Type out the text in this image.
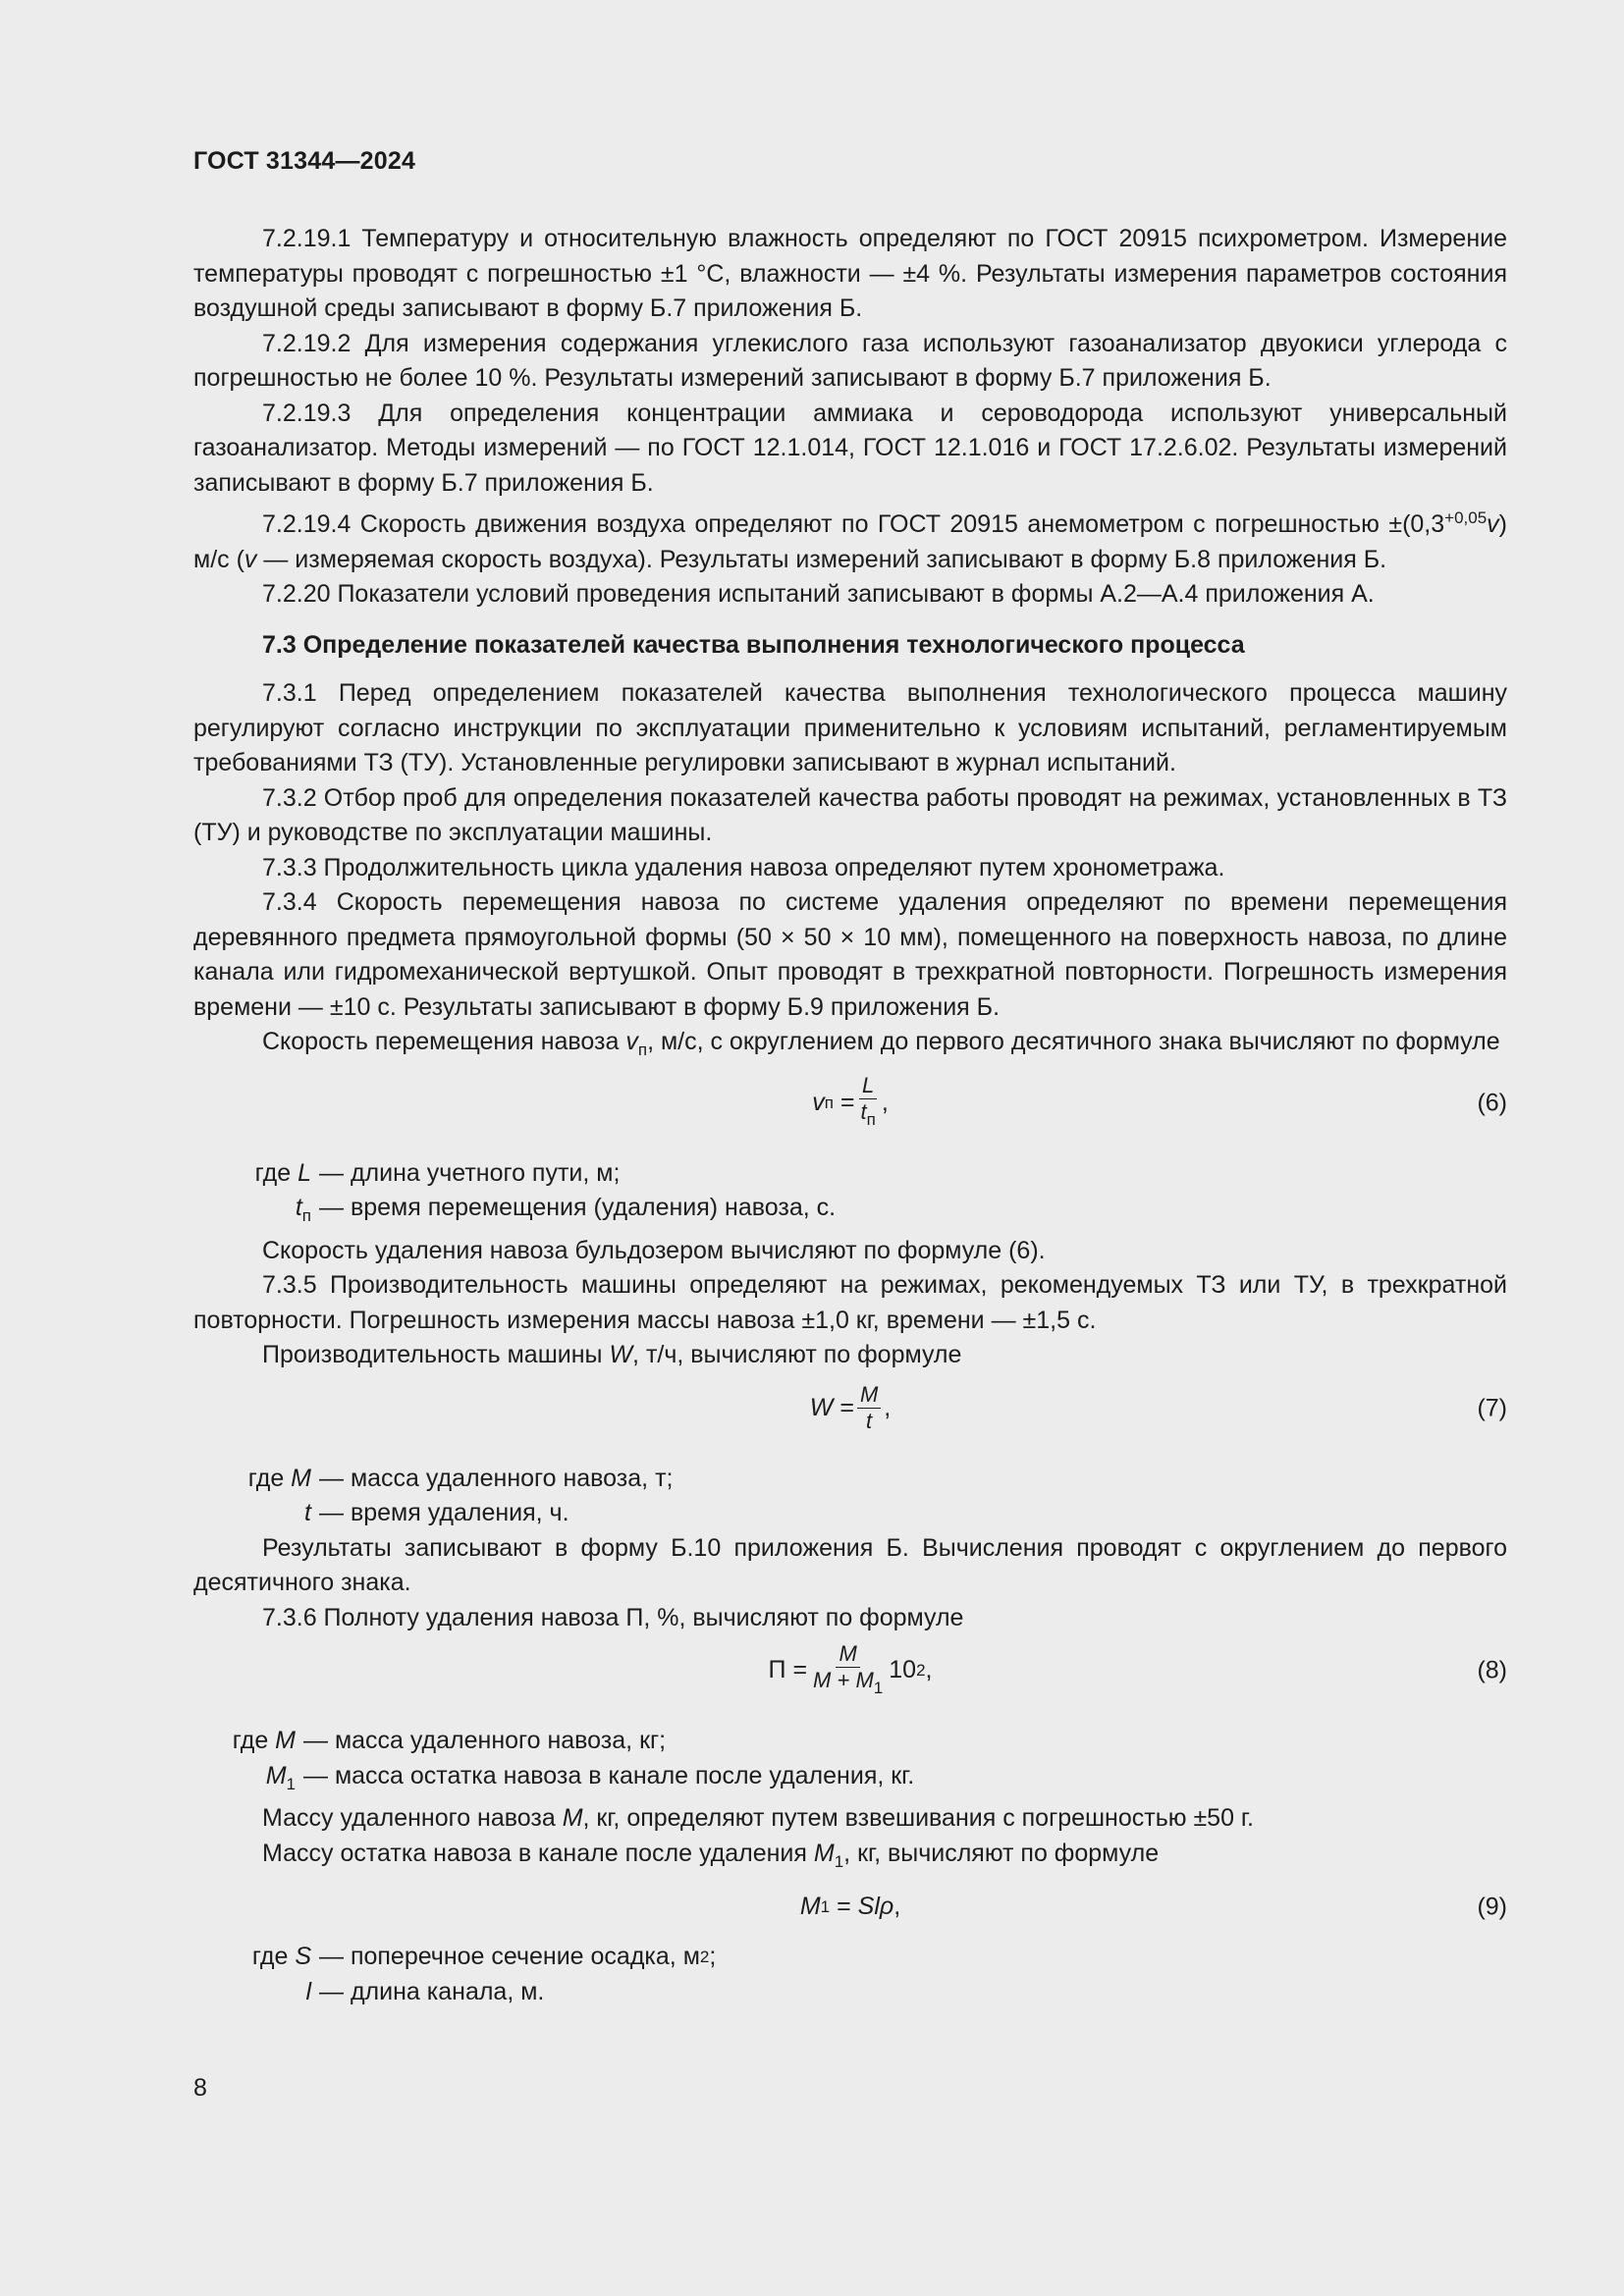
ГОСТ 31344—2024

7.2.19.1 Температуру и относительную влажность определяют по ГОСТ 20915 психрометром. Измерение температуры проводят с погрешностью ±1 °С, влажности — ±4 %. Результаты измерения параметров состояния воздушной среды записывают в форму Б.7 приложения Б.

7.2.19.2 Для измерения содержания углекислого газа используют газоанализатор двуокиси углерода с погрешностью не более 10 %. Результаты измерений записывают в форму Б.7 приложения Б.

7.2.19.3 Для определения концентрации аммиака и сероводорода используют универсальный газоанализатор. Методы измерений — по ГОСТ 12.1.014, ГОСТ 12.1.016 и ГОСТ 17.2.6.02. Результаты измерений записывают в форму Б.7 приложения Б.

7.2.19.4 Скорость движения воздуха определяют по ГОСТ 20915 анемометром с погрешностью $\pm(0,3^{+0,05}v)$ м/с (v — измеряемая скорость воздуха). Результаты измерений записывают в форму Б.8 приложения Б.

7.2.20 Показатели условий проведения испытаний записывают в формы А.2—А.4 приложения А.

7.3 Определение показателей качества выполнения технологического процесса

7.3.1 Перед определением показателей качества выполнения технологического процесса машину регулируют согласно инструкции по эксплуатации применительно к условиям испытаний, регламентируемым требованиями ТЗ (ТУ). Установленные регулировки записывают в журнал испытаний.

7.3.2 Отбор проб для определения показателей качества работы проводят на режимах, установленных в ТЗ (ТУ) и руководстве по эксплуатации машины.

7.3.3 Продолжительность цикла удаления навоза определяют путем хронометража.

7.3.4 Скорость перемещения навоза по системе удаления определяют по времени перемещения деревянного предмета прямоугольной формы (50 × 50 × 10 мм), помещенного на поверхность навоза, по длине канала или гидромеханической вертушкой. Опыт проводят в трехкратной повторности. Погрешность измерения времени — ±10 с. Результаты записывают в форму Б.9 приложения Б.

Скорость перемещения навоза $v_п$, м/с, с округлением до первого десятичного знака вычисляют по формуле

v п
= $\frac{L}{t_п}$ ,	(6)
где L — длина учетного пути, м;
$t_п$ — время перемещения (удаления) навоза, с.

Скорость удаления навоза бульдозером вычисляют по формуле (6).

7.3.5 Производительность машины определяют на режимах, рекомендуемых ТЗ или ТУ, в трехкратной повторности. Погрешность измерения массы навоза ±1,0 кг, времени — ±1,5 с.

Производительность машины W, т/ч, вычисляют по формуле

W
= $\frac{M}{t}$ ,	(7)
где M — масса удаленного навоза, т;
t — время удаления, ч.

Результаты записывают в форму Б.10 приложения Б. Вычисления проводят с округлением до первого десятичного знака.

7.3.6 Полноту удаления навоза П, %, вычисляют по формуле

П
= $\frac{M}{M + M_1} 10$ 2 ,	(8)
где M — масса удаленного навоза, кг;
$M_1$ — масса остатка навоза в канале после удаления, кг.

Массу удаленного навоза M, кг, определяют путем взвешивания с погрешностью ±50 г.

Массу остатка навоза в канале после удаления $M_1$, кг, вычисляют по формуле

M 1
=
Slρ ,	(9)
где S — поперечное сечение осадка, м 2 ;
l — длина канала, м.
8
